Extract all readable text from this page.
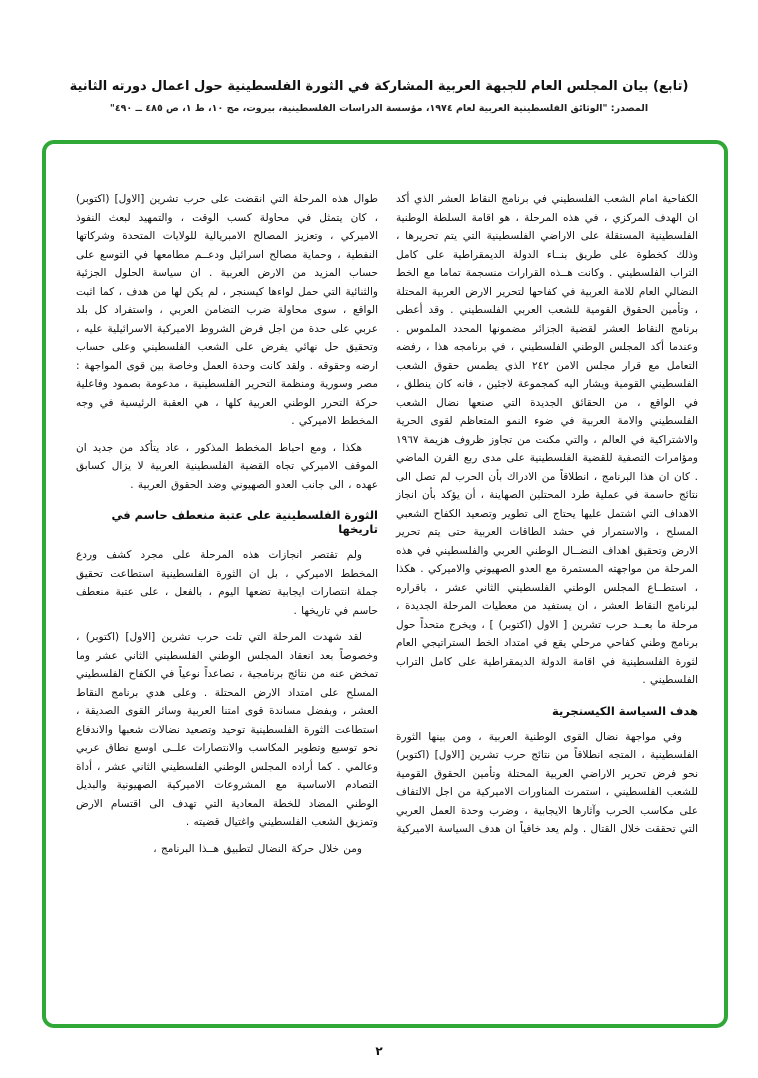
(تابع) بيان المجلس العام للجبهة العربية المشاركة في الثورة الفلسطينية حول اعمال دورته الثانية
المصدر: "الوثائق الفلسطينية العربية لعام ١٩٧٤، مؤسسة الدراسات الفلسطينية، بيروت، مج ١٠، ط ١، ص ٤٨٥ ــ ٤٩٠"

الكفاحية امام الشعب الفلسطيني في برنامج النقاط العشر الذي أكد ان الهدف المركزي ، في هذه المرحلة ، هو اقامة السلطة الوطنية الفلسطينية المستقلة على الاراضي الفلسطينية التي يتم تحريرها ، وذلك كخطوة على طريق بنــاء الدولة الديمقراطية على كامل التراب الفلسطيني . وكانت هــذه القرارات منسجمة تماما مع الخط النضالي العام للامة العربية في كفاحها لتحرير الارض العربية المحتلة ، وتأمين الحقوق القومية للشعب العربي الفلسطيني . وقد أعطى برنامج النقاط العشر لقضية الجزائر مضمونها المحدد الملموس . وعندما أكد المجلس الوطني الفلسطيني ، في برنامجه هذا ، رفضه التعامل مع قرار مجلس الامن ٢٤٢ الذي يطمس حقوق الشعب الفلسطيني القومية ويشار اليه كمجموعة لاجئين ، فانه كان ينطلق ، في الواقع ، من الحقائق الجديدة التي صنعها نضال الشعب الفلسطيني والامة العربية في ضوء النمو المتعاظم لقوى الحرية والاشتراكية في العالم ، والتي مكنت من تجاوز ظروف هزيمة ١٩٦٧ ومؤامرات التصفية للقضية الفلسطينية على مدى ربع القرن الماضي . كان ان هذا البرنامج ، انطلاقاً من الادراك بأن الحرب لم تصل الى نتائج حاسمة في عملية طرد المحتلين الصهاينة ، أن يؤكد بأن انجاز الاهداف التي اشتمل عليها يحتاج الى تطوير وتصعيد الكفاح الشعبي المسلح ، والاستمرار في حشد الطاقات العربية حتى يتم تحرير الارض وتحقيق اهداف النضــال الوطني العربي والفلسطيني في هذه المرحلة من مواجهته المستمرة مع العدو الصهيوني والاميركي . هكذا ، استطــاع المجلس الوطني الفلسطيني الثاني عشر ، باقراره لبرنامج النقاط العشر ، ان يستفيد من معطيات المرحلة الجديدة ، مرحلة ما بعــد حرب تشرين [ الاول (اكتوبر) ] ، ويخرج متحداً حول برنامج وطني كفاحي مرحلي يقع في امتداد الخط الستراتيجي العام لثورة الفلسطينية في اقامة الدولة الديمقراطية على كامل التراب الفلسطيني .

هدف السياسة الكيسنجرية

وفي مواجهة نضال القوى الوطنية العربية ، ومن بينها الثورة الفلسطينية ، المتجه انطلاقاً من نتائج حرب تشرين [الاول] (اكتوبر) نحو فرض تحرير الاراضي العربية المحتلة وتأمين الحقوق القومية للشعب الفلسطيني ، استمرت المناورات الاميركية من اجل الالتفاف على مكاسب الحرب وآثارها الايجابية ، وضرب وحدة العمل العربي التي تحققت خلال القتال . ولم يعد خافياً ان هدف السياسة الاميركية

طوال هذه المرحلة التي انقضت على حرب تشرين [الاول] (اكتوبر) ، كان يتمثل في محاولة كسب الوقت ، والتمهيد لبعث النفوذ الاميركي ، وتعزيز المصالح الامبريالية للولايات المتحدة وشركاتها النفطية ، وحماية مصالح اسرائيل ودعــم مطامعها في التوسع على حساب المزيد من الارض العربية . ان سياسة الحلول الجزئية والثنائية التي حمل لواءها كيسنجر ، لم يكن لها من هدف ، كما اثبت الواقع ، سوى محاولة ضرب التضامن العربي ، واستفراد كل بلد عربي على حدة من اجل فرض الشروط الاميركية الاسرائيلية عليه ، وتحقيق حل نهائي يفرض على الشعب الفلسطيني وعلى حساب ارضه وحقوقه . ولقد كانت وحدة العمل وخاصة بين قوى المواجهة : مصر وسورية ومنظمة التحرير الفلسطينية ، مدعومة بصمود وفاعلية حركة التحرر الوطني العربية كلها ، هي العقبة الرئيسية في وجه المخطط الاميركي .

هكذا ، ومع احباط المخطط المذكور ، عاد يتأكد من جديد ان الموقف الاميركي تجاه القضية الفلسطينية العربية لا يزال كسابق عهده ، الى جانب العدو الصهيوني وضد الحقوق العربية .

الثورة الفلسطينية على عتبة منعطف حاسم في تاريخها

ولم تقتصر انجازات هذه المرحلة على مجرد كشف وردع المخطط الاميركي ، بل ان الثورة الفلسطينية استطاعت تحقيق جملة انتصارات ايجابية تضعها اليوم ، بالفعل ، على عتبة منعطف حاسم في تاريخها .

لقد شهدت المرحلة التي تلت حرب تشرين [الاول] (اكتوبر) ، وخصوصاً بعد انعقاد المجلس الوطني الفلسطيني الثاني عشر وما تمخض عنه من نتائج برنامجية ، تصاعداً نوعياً في الكفاح الفلسطيني المسلح على امتداد الارض المحتلة . وعلى هدي برنامج النقاط العشر ، وبفضل مساندة قوى امتنا العربية وسائر القوى الصديقة ، استطاعت الثورة الفلسطينية توحيد وتصعيد نضالات شعبها والاندفاع نحو توسيع وتطوير المكاسب والانتصارات علــى اوسع نطاق عربي وعالمي . كما أراده المجلس الوطني الفلسطيني الثاني عشر ، أداة التصادم الاساسية مع المشروعات الاميركية الصهيونية والبديل الوطني المضاد للخطة المعادية التي تهدف الى اقتسام الارض وتمزيق الشعب الفلسطيني واغتيال قضيته .

ومن خلال حركة النضال لتطبيق هــذا البرنامج ،

٢
